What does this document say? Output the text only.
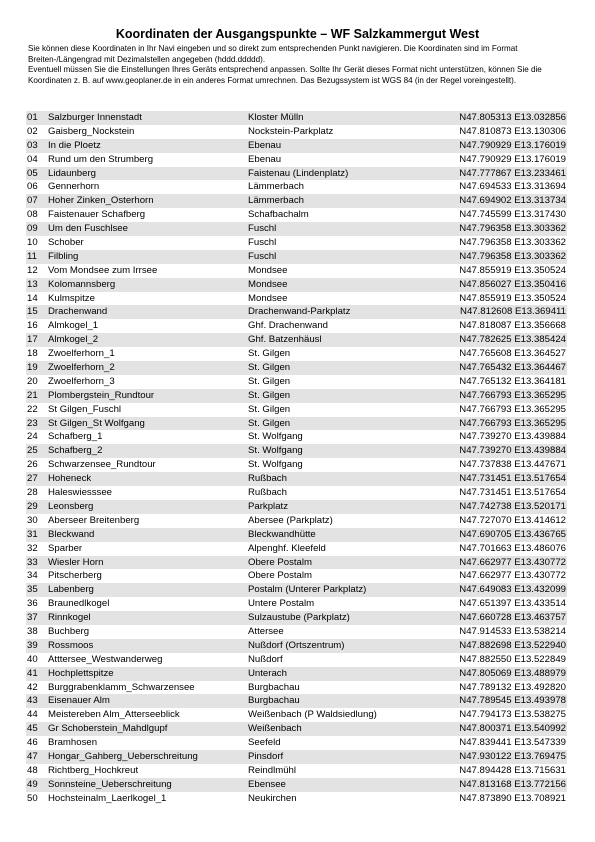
Koordinaten der Ausgangspunkte – WF Salzkammergut West

Sie können diese Koordinaten in Ihr Navi eingeben und so direkt zum entsprechenden Punkt navigieren. Die Koordinaten sind im Format Breiten-/Längengrad mit Dezimalstellen angegeben (hddd.ddddd).

Eventuell müssen Sie die Einstellungen Ihres Geräts entsprechend anpassen. Sollte Ihr Gerät dieses Format nicht unterstützen, können Sie die Koordinaten z. B. auf www.geoplaner.de in ein anderes Format umrechnen. Das Bezugssystem ist WGS 84 (in der Regel voreingestellt).

01 Salzburger Innenstadt	Kloster Mülln	N47.805313 E13.032856
02 Gaisberg_Nockstein	Nockstein-Parkplatz	N47.810873 E13.130306
03 In die Ploetz	Ebenau	N47.790929 E13.176019
04 Rund um den Strumberg	Ebenau	N47.790929 E13.176019
05 Lidaunberg	Faistenau (Lindenplatz)	N47.777867 E13.233461
06 Gennerhorn	Lämmerbach	N47.694533 E13.313694
07 Hoher Zinken_Osterhorn	Lämmerbach	N47.694902 E13.313734
08 Faistenauer Schafberg	Schafbachalm	N47.745599 E13.317430
09 Um den Fuschlsee	Fuschl	N47.796358 E13.303362
10 Schober	Fuschl	N47.796358 E13.303362
11 Filbling	Fuschl	N47.796358 E13.303362
12 Vom Mondsee zum Irrsee	Mondsee	N47.855919 E13.350524
13 Kolomannsberg	Mondsee	N47.856027 E13.350416
14 Kulmspitze	Mondsee	N47.855919 E13.350524
15 Drachenwand	Drachenwand-Parkplatz	N47.812608 E13.369411
16 Almkogel_1	Ghf. Drachenwand	N47.818087 E13.356668
17 Almkogel_2	Ghf. Batzenhäusl	N47.782625 E13.385424
18 Zwoelferhorn_1	St. Gilgen	N47.765608 E13.364527
19 Zwoelferhorn_2	St. Gilgen	N47.765432 E13.364467
20 Zwoelferhorn_3	St. Gilgen	N47.765132 E13.364181
21 Plombergstein_Rundtour	St. Gilgen	N47.766793 E13.365295
22 St Gilgen_Fuschl	St. Gilgen	N47.766793 E13.365295
23 St Gilgen_St Wolfgang	St. Gilgen	N47.766793 E13.365295
24 Schafberg_1	St. Wolfgang	N47.739270 E13.439884
25 Schafberg_2	St. Wolfgang	N47.739270 E13.439884
26 Schwarzensee_Rundtour	St. Wolfgang	N47.737838 E13.447671
27 Hoheneck	Rußbach	N47.731451 E13.517654
28 Haleswiesssee	Rußbach	N47.731451 E13.517654
29 Leonsberg	Parkplatz	N47.742738 E13.520171
30 Aberseer Breitenberg	Abersee (Parkplatz)	N47.727070 E13.414612
31 Bleckwand	Bleckwandhütte	N47.690705 E13.436765
32 Sparber	Alpenghf. Kleefeld	N47.701663 E13.486076
33 Wiesler Horn	Obere Postalm	N47.662977 E13.430772
34 Pitscherberg	Obere Postalm	N47.662977 E13.430772
35 Labenberg	Postalm (Unterer Parkplatz)	N47.649083 E13.432099
36 Braunedlkogel	Untere Postalm	N47.651397 E13.433514
37 Rinnkogel	Sulzaustube (Parkplatz)	N47.660728 E13.463757
38 Buchberg	Attersee	N47.914533 E13.538214
39 Rossmoos	Nußdorf (Ortszentrum)	N47.882698 E13.522940
40 Atttersee_Westwanderweg	Nußdorf	N47.882550 E13.522849
41 Hochplettspitze	Unterach	N47.805069 E13.488979
42 Burggrabenklamm_Schwarzensee	Burgbachau	N47.789132 E13.492820
43 Eisenauer Alm	Burgbachau	N47.789545 E13.493978
44 Meistereben Alm_Atterseeblick	Weißenbach (P Waldsiedlung)	N47.794173 E13.538275
45 Gr Schoberstein_Mahdlgupf	Weißenbach	N47.800371 E13.540992
46 Bramhosen	Seefeld	N47.839441 E13.547339
47 Hongar_Gahberg_Ueberschreitung	Pinsdorf	N47.930122 E13.769475
48 Richtberg_Hochkreut	Reindlmühl	N47.894428 E13.715631
49 Sonnsteine_Ueberschreitung	Ebensee	N47.813168 E13.772156
50 Hochsteinalm_Laerlkogel_1	Neukirchen	N47.873890 E13.708921
